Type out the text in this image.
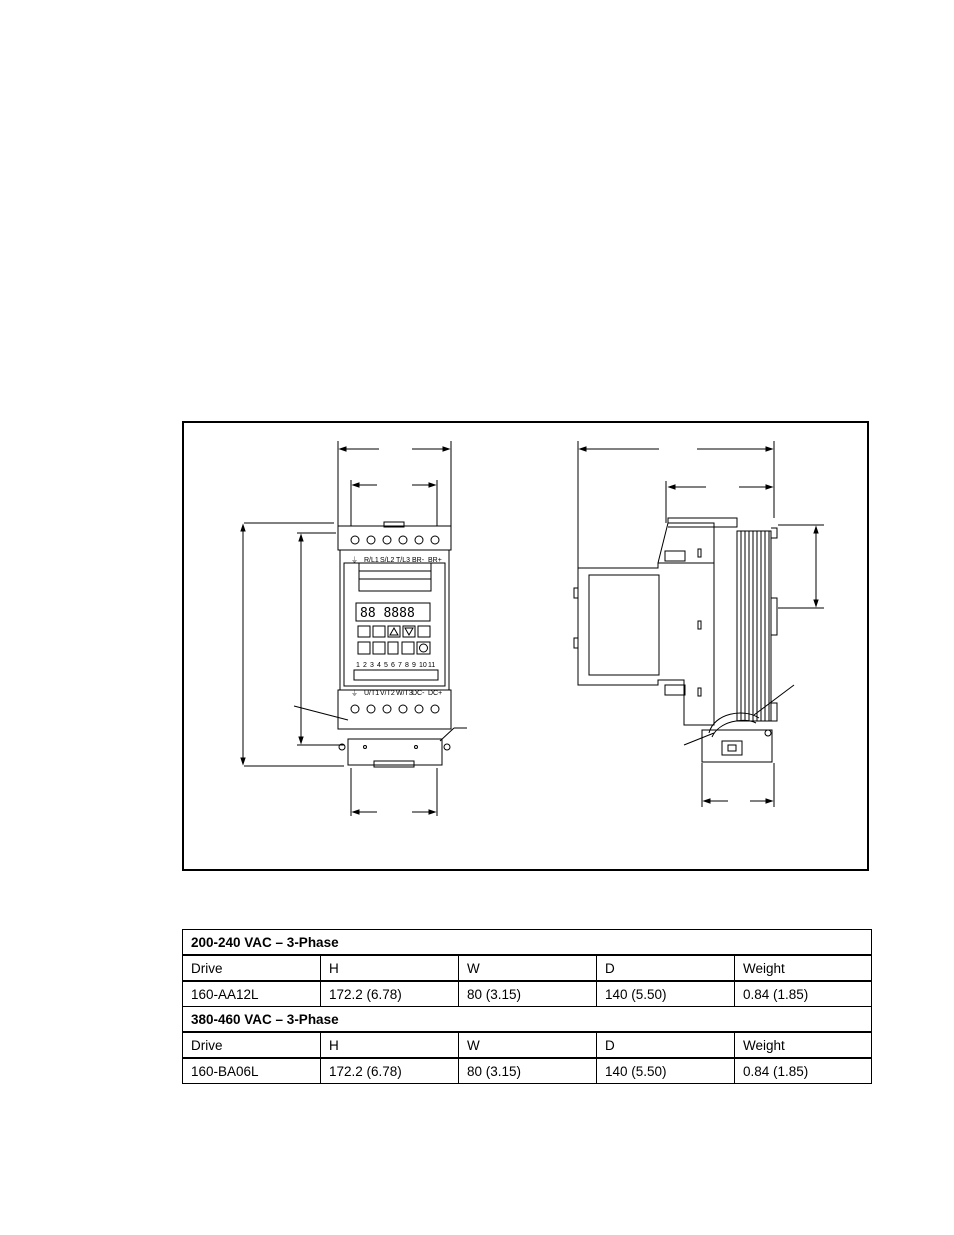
⏚ R/L1 S/L2 T/L3 BR- BR+
88 8888
1 2 3 4 5 6 7 8 9 10 11
⏚ U/T1 V/T2 W/T3 DC- DC+
200-240 VAC – 3-Phase				
Drive	H	W	D	Weight
160-AA12L	172.2 (6.78)	80 (3.15)	140 (5.50)	0.84 (1.85)
380-460 VAC – 3-Phase				
Drive	H	W	D	Weight
160-BA06L	172.2 (6.78)	80 (3.15)	140 (5.50)	0.84 (1.85)
